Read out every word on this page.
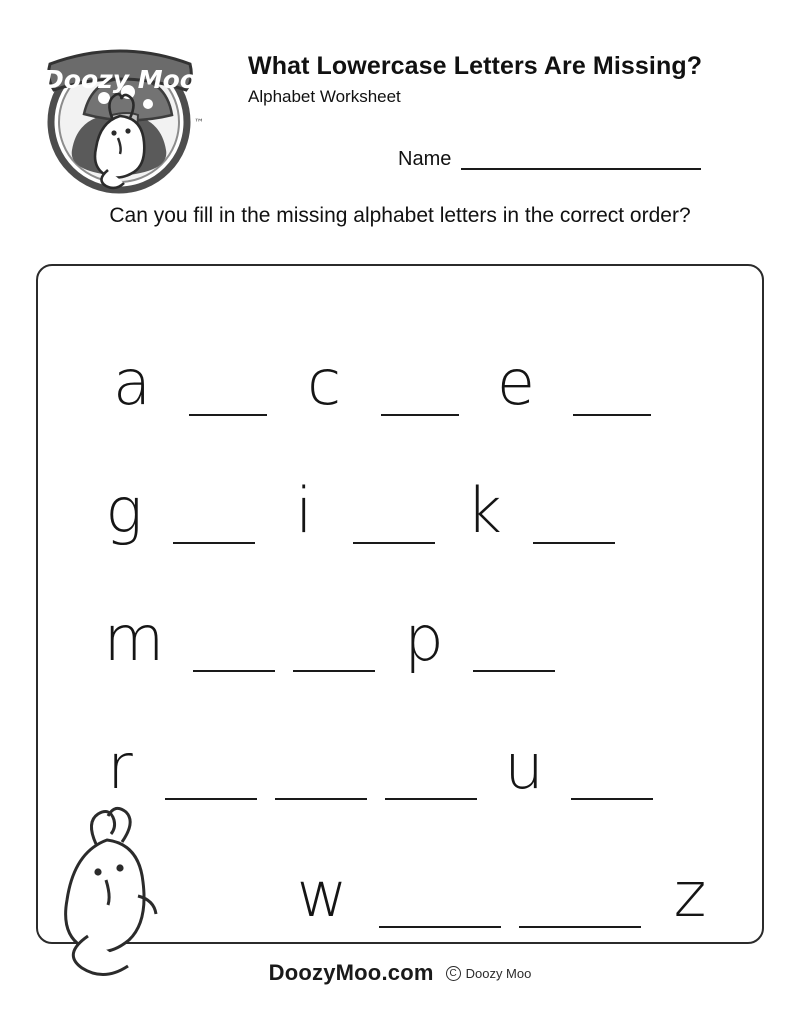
Doozy Moo
™
What Lowercase Letters Are Missing?
Alphabet Worksheet
Name
Can you fill in the missing alphabet letters in the correct order?
a	c	e
g i k
m	p
r	u
w	z
DoozyMoo.com	C Doozy Moo
